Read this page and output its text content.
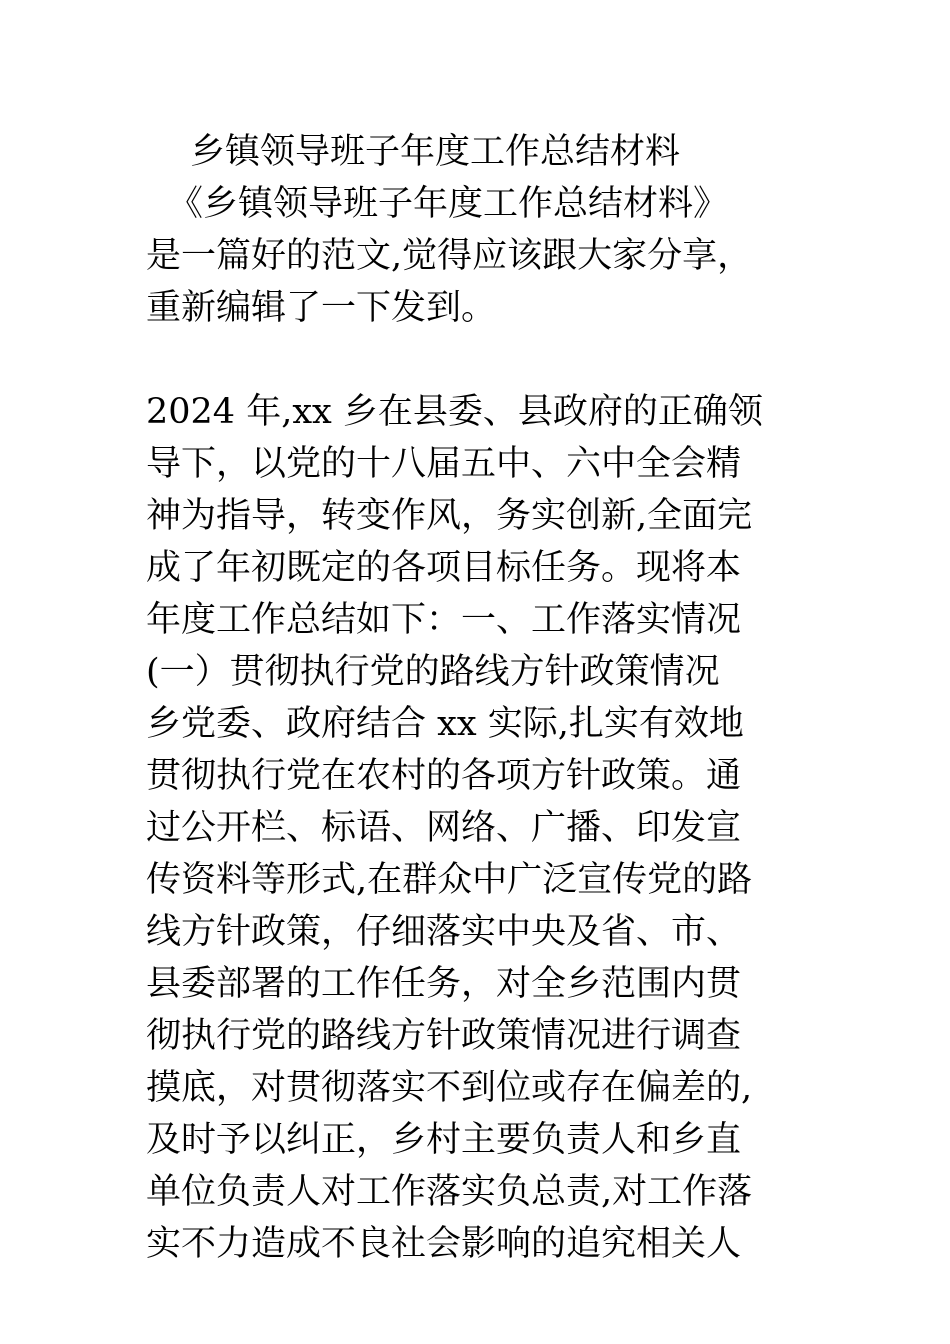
乡镇领导班子年度工作总结材料
《乡镇领导班子年度工作总结材料》
是一篇好的范文,觉得应该跟大家分享，
重新编辑了一下发到。
2024 年,xx 乡在县委、县政府的正确领
导下，以党的十八届五中、六中全会精
神为指导，转变作风，务实创新,全面完
成了年初既定的各项目标任务。现将本
年度工作总结如下：一、工作落实情况
(一）贯彻执行党的路线方针政策情况
乡党委、政府结合 xx 实际,扎实有效地
贯彻执行党在农村的各项方针政策。通
过公开栏、标语、网络、广播、印发宣
传资料等形式,在群众中广泛宣传党的路
线方针政策，仔细落实中央及省、市、
县委部署的工作任务，对全乡范围内贯
彻执行党的路线方针政策情况进行调查
摸底，对贯彻落实不到位或存在偏差的,
及时予以纠正，乡村主要负责人和乡直
单位负责人对工作落实负总责,对工作落
实不力造成不良社会影响的追究相关人
